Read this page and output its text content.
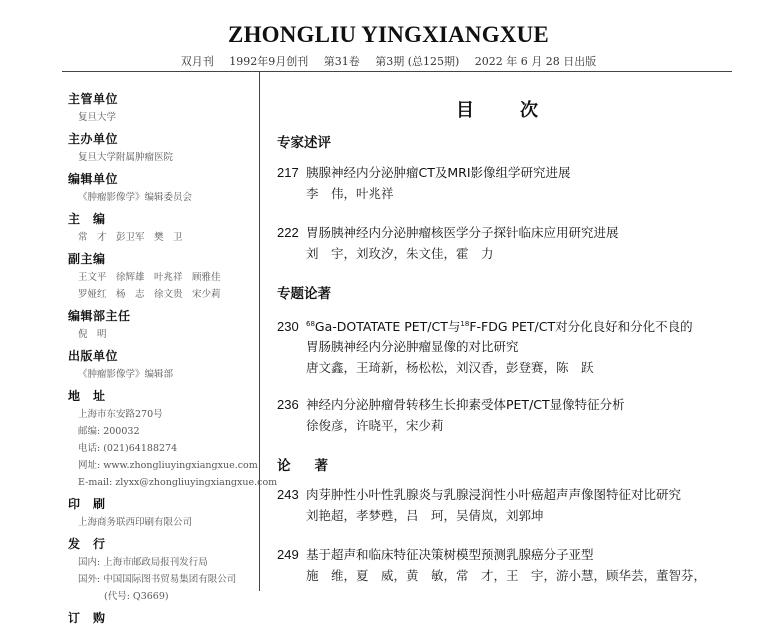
ZHONGLIU YINGXIANGXUE
双月刊 1992年9月创刊 第31卷 第3期 (总125期) 2022 年 6 月 28 日出版
主管单位
复旦大学
主办单位
复旦大学附属肿瘤医院
编辑单位
《肿瘤影像学》编辑委员会
主　编
常　才　彭卫军　樊　卫
副主编
王文平　徐辉雄　叶兆祥　顾雅佳
罗娅红　杨　志　徐文贵　宋少莉
编辑部主任
倪　明
出版单位
《肿瘤影像学》编辑部
地　址
上海市东安路270号
邮编: 200032
电话: (021)64188274
网址: www.zhongliuyingxiangxue.com
E-mail: zlyxx@zhongliuyingxiangxue.com
印　刷
上海商务联西印刷有限公司
发　行
国内: 上海市邮政局报刊发行局
国外: 中国国际图书贸易集团有限公司
(代号: Q3669)
订　购
目次
专家述评
217 胰腺神经内分泌肿瘤CT及MRI影像组学研究进展
李　伟，叶兆祥
222 胃肠胰神经内分泌肿瘤核医学分子探针临床应用研究进展
刘　宇，刘玫汐，朱文佳，霍　力
专题论著
230 $^{68}$Ga-DOTATATE PET/CT与$^{18}$F-FDG PET/CT对分化良好和分化不良的
胃肠胰神经内分泌肿瘤显像的对比研究
唐文鑫，王琦新，杨松松，刘汉香，彭登赛，陈　跃
236 神经内分泌肿瘤骨转移生长抑素受体PET/CT显像特征分析
徐俊彦，许晓平，宋少莉
论著
243 肉芽肿性小叶性乳腺炎与乳腺浸润性小叶癌超声声像图特征对比研究
刘艳超，孝梦甦，吕　珂，吴倩岚，刘郭坤
249 基于超声和临床特征决策树模型预测乳腺癌分子亚型
施　维，夏　威，黄　敏，常　才，王　宇，游小慧，顾华芸，董智芬，
